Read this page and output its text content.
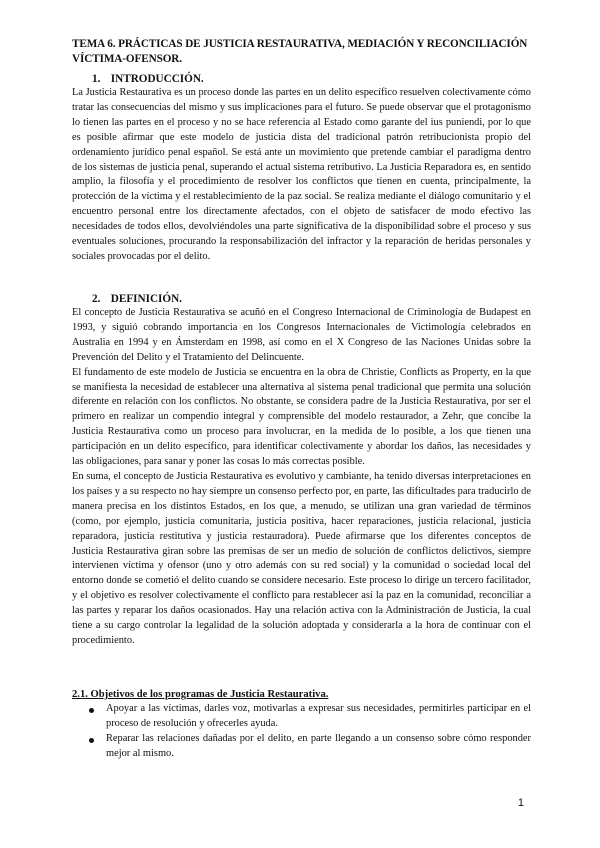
TEMA 6. PRÁCTICAS DE JUSTICIA RESTAURATIVA, MEDIACIÓN Y RECONCILIACIÓN VÍCTIMA-OFENSOR.
1. INTRODUCCIÓN.

La Justicia Restaurativa es un proceso donde las partes en un delito específico resuelven colectivamente cómo tratar las consecuencias del mismo y sus implicaciones para el futuro. Se puede observar que el protagonismo lo tienen las partes en el proceso y no se hace referencia al Estado como garante del ius puniendi, por lo que es posible afirmar que este modelo de justicia dista del tradicional patrón retribucionista propio del ordenamiento jurídico penal español. Se está ante un movimiento que pretende cambiar el paradigma dentro de los sistemas de justicia penal, superando el actual sistema retributivo. La Justicia Reparadora es, en sentido amplio, la filosofía y el procedimiento de resolver los conflictos que tienen en cuenta, principalmente, la protección de la víctima y el restablecimiento de la paz social. Se realiza mediante el diálogo comunitario y el encuentro personal entre los directamente afectados, con el objeto de satisfacer de modo efectivo las necesidades de todos ellos, devolviéndoles una parte significativa de la disponibilidad sobre el proceso y sus eventuales soluciones, procurando la responsabilización del infractor y la reparación de heridas personales y sociales provocadas por el delito.

2. DEFINICIÓN.

El concepto de Justicia Restaurativa se acuñó en el Congreso Internacional de Criminología de Budapest en 1993, y siguió cobrando importancia en los Congresos Internacionales de Victimología celebrados en Australia en 1994 y en Ámsterdam en 1998, así como en el X Congreso de las Naciones Unidas sobre la Prevención del Delito y el Tratamiento del Delincuente.

El fundamento de este modelo de Justicia se encuentra en la obra de Christie, Conflicts as Property, en la que se manifiesta la necesidad de establecer una alternativa al sistema penal tradicional que permita una solución diferente en relación con los conflictos. No obstante, se considera padre de la Justicia Restaurativa, por ser el primero en realizar un compendio integral y comprensible del modelo restaurador, a Zehr, que concibe la Justicia Restaurativa como un proceso para involucrar, en la medida de lo posible, a los que tienen una participación en un delito específico, para identificar colectivamente y abordar los daños, las necesidades y las obligaciones, para sanar y poner las cosas lo más correctas posible.

En suma, el concepto de Justicia Restaurativa es evolutivo y cambiante, ha tenido diversas interpretaciones en los países y a su respecto no hay siempre un consenso perfecto por, en parte, las dificultades para traducirlo de manera precisa en los distintos Estados, en los que, a menudo, se utilizan una gran variedad de términos (como, por ejemplo, justicia comunitaria, justicia positiva, hacer reparaciones, justicia relacional, justicia reparadora, justicia restitutiva y justicia restauradora). Puede afirmarse que los diferentes conceptos de Justicia Restaurativa giran sobre las premisas de ser un medio de solución de conflictos delictivos, siempre intervienen víctima y ofensor (uno y otro además con su red social) y la comunidad o sociedad local del entorno donde se cometió el delito cuando se considere necesario. Este proceso lo dirige un tercero facilitador, y el objetivo es resolver colectivamente el conflicto para restablecer así la paz en la comunidad, reconciliar a las partes y reparar los daños ocasionados. Hay una relación activa con la Administración de Justicia, la cual tiene a su cargo controlar la legalidad de la solución adoptada y considerarla a la hora de continuar con el procedimiento.

2.1. Objetivos de los programas de Justicia Restaurativa.
Apoyar a las víctimas, darles voz, motivarlas a expresar sus necesidades, permitirles participar en el proceso de resolución y ofrecerles ayuda.
Reparar las relaciones dañadas por el delito, en parte llegando a un consenso sobre cómo responder mejor al mismo.
1
